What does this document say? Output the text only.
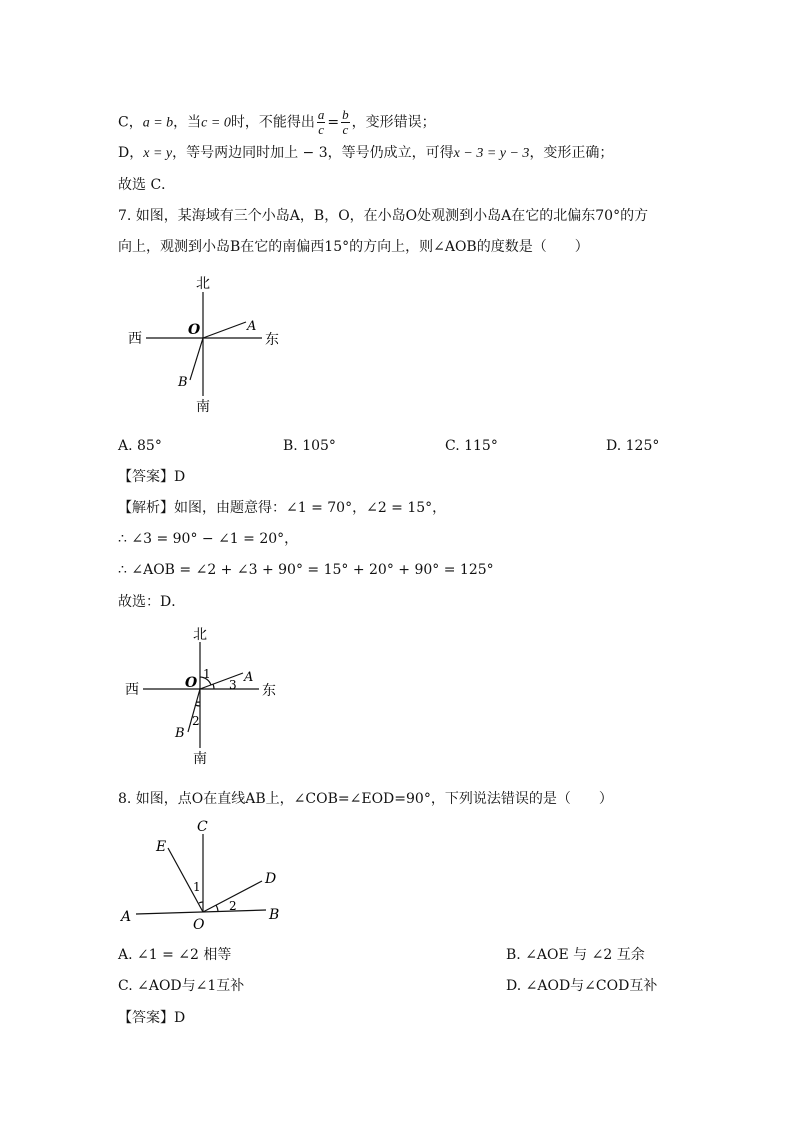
C，a = b，当c = 0时，不能得出 $\frac{a}{c} = \frac{b}{c}$ ，变形错误；
D，x = y，等号两边同时加上 − 3，等号仍成立，可得x − 3 = y − 3，变形正确；
故选 C．
7. 如图，某海域有三个小岛A，B，O，在小岛O处观测到小岛A在它的北偏东70°的方
向上，观测到小岛B在它的南偏西15°的方向上，则∠AOB的度数是（　　）
北
南
西	东
O	A
B
A. 85°	B. 105°	C. 115°	D. 125°
【答案】D
【解析】如图，由题意得：∠1 = 70°，∠2 = 15°，
∴ ∠3 = 90° − ∠1 = 20°，
∴ ∠AOB = ∠2 + ∠3 + 90° = 15° + 20° + 90° = 125°
故选：D．
北
南
西	东
O	A
B
1
3
2
8. 如图，点O在直线AB上，∠COB=∠EOD=90°，下列说法错误的是（　　）
C
E
D
A	B
O
1
2
A. ∠1 = ∠2 相等	B. ∠AOE 与 ∠2 互余
C. ∠AOD与∠1互补	D. ∠AOD与∠COD互补
【答案】D
